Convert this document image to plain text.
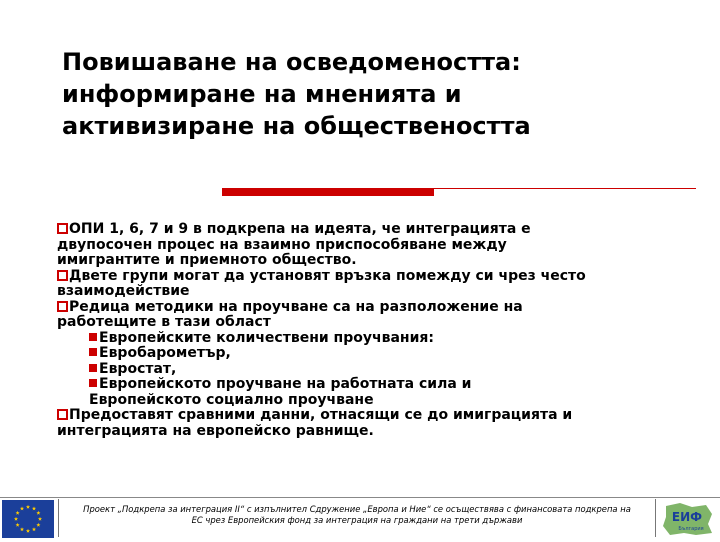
Повишаване на осведомеността:
информиране на мненията и
активизиране на обществеността
ОПИ 1, 6, 7 и 9 в подкрепа на идеята, че интеграцията е
двупосочен процес на взаимно приспособяване между
имигрантите и приемното общество.
Двете групи могат да установят връзка помежду си чрез често
взаимодействие
Редица методики на проучване са на разположение на
работещите в тази област
Европейските количествени проучвания:
Евробарометър,
Евростат,
Европейското проучване на работната сила и
Европейското социално проучване
Предоставят сравними данни, отнасящи се до имиграцията и
интеграцията на европейско равнище.
Проект „Подкрепа за интеграция II“ с изпълнител Сдружение „Европа и Ние“ се осъществява с финансовата подкрепа на
ЕС чрез Европейския фонд за интеграция на граждани на трети държави	ЕИФ
България
